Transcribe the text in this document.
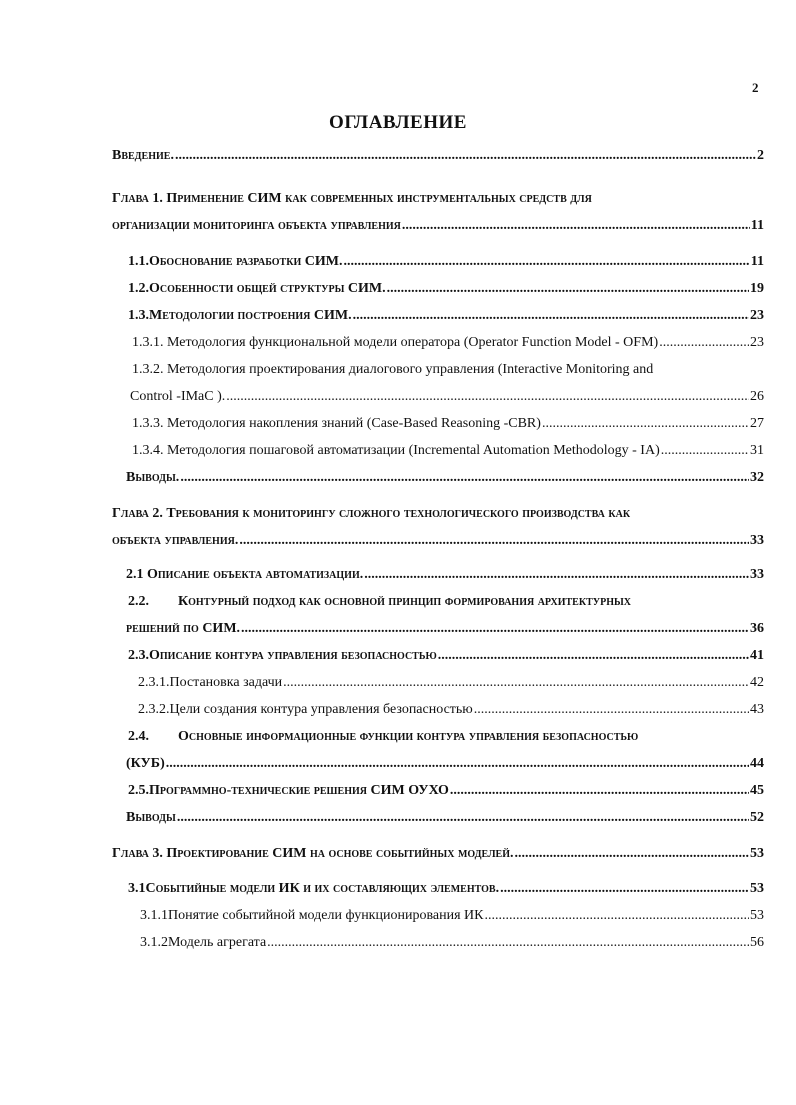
2
ОГЛАВЛЕНИЕ
Введение. .....	2
Глава 1. Применение СИМ как современных инструментальных средств для
организации мониторинга объекта управления .....	11
1.1. Обоснование разработки СИМ. .....	11
1.2. Особенности общей структуры СИМ. .....	19
1.3. Методологии построения СИМ. .....	23
1.3.1. Методология функциональной модели оператора (Operator Function Model - OFM) .....	23
1.3.2. Методология проектирования диалогового управления (Interactive Monitoring and
Control -IMaC ). .....	26
1.3.3. Методология накопления знаний (Case-Based Reasoning -CBR) .....	27
1.3.4. Методология пошаговой автоматизации (Incremental Automation Methodology - IA) .....	31
Выводы. .....	32
Глава 2. Требования к мониторингу сложного технологического производства как
объекта управления. .....	33
2.1 Описание объекта автоматизации. .....	33
2.2. Контурный подход как основной принцип формирования архитектурных
решений по СИМ. .....	36
2.3. Описание контура управления безопасностью .....	41
2.3.1. Постановка задачи .....	42
2.3.2. Цели создания контура управления безопасностью .....	43
2.4. Основные информационные функции контура управления безопасностью
(КУБ) .....	44
2.5. Программно-технические решения СИМ ОУХО .....	45
Выводы .....	52
Глава 3. Проектирование СИМ на основе событийных моделей. .....	53
3.1 Событийные модели ИК и их составляющих элементов. .....	53
3.1.1 Понятие событийной модели функционирования ИК .....	53
3.1.2 Модель агрегата .....	56
